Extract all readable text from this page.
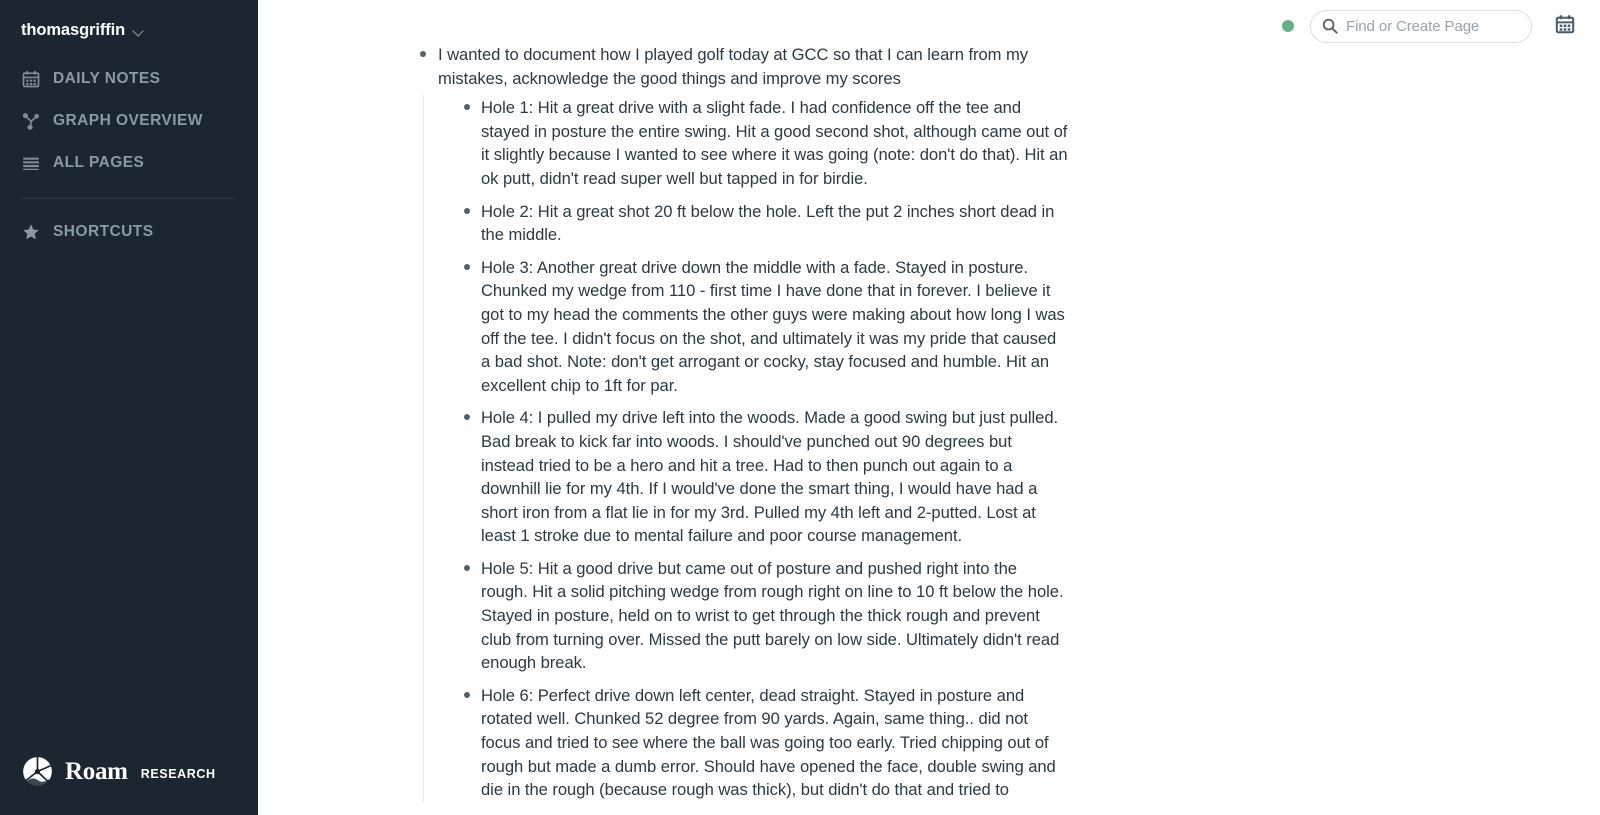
thomasgriffin
DAILY NOTES
GRAPH OVERVIEW
ALL PAGES
SHORTCUTS
Roam RESEARCH
Find or Create Page
I wanted to document how I played golf today at GCC so that I can learn from my mistakes, acknowledge the good things and improve my scores
Hole 1: Hit a great drive with a slight fade. I had confidence off the tee and stayed in posture the entire swing. Hit a good second shot, although came out of it slightly because I wanted to see where it was going (note: don't do that). Hit an ok putt, didn't read super well but tapped in for birdie.
Hole 2: Hit a great shot 20 ft below the hole. Left the put 2 inches short dead in the middle.
Hole 3: Another great drive down the middle with a fade. Stayed in posture. Chunked my wedge from 110 - first time I have done that in forever. I believe it got to my head the comments the other guys were making about how long I was off the tee. I didn't focus on the shot, and ultimately it was my pride that caused a bad shot. Note: don't get arrogant or cocky, stay focused and humble. Hit an excellent chip to 1ft for par.
Hole 4: I pulled my drive left into the woods. Made a good swing but just pulled. Bad break to kick far into woods. I should've punched out 90 degrees but instead tried to be a hero and hit a tree. Had to then punch out again to a downhill lie for my 4th. If I would've done the smart thing, I would have had a short iron from a flat lie in for my 3rd. Pulled my 4th left and 2-putted. Lost at least 1 stroke due to mental failure and poor course management.
Hole 5: Hit a good drive but came out of posture and pushed right into the rough. Hit a solid pitching wedge from rough right on line to 10 ft below the hole. Stayed in posture, held on to wrist to get through the thick rough and prevent club from turning over. Missed the putt barely on low side. Ultimately didn't read enough break.
Hole 6: Perfect drive down left center, dead straight. Stayed in posture and rotated well. Chunked 52 degree from 90 yards. Again, same thing.. did not focus and tried to see where the ball was going too early. Tried chipping out of rough but made a dumb error. Should have opened the face, double swing and die in the rough (because rough was thick), but didn't do that and tried to
